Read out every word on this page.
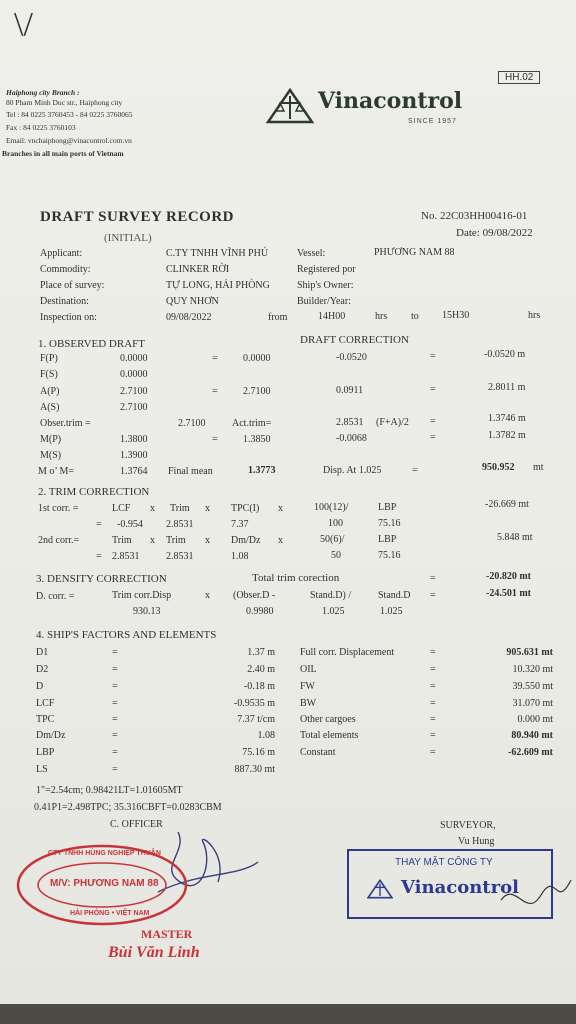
\/
HH.02
Haiphong city Branch :
80 Pham Minh Duc str., Haiphong city
Tel : 84 0225 3760453 - 84 0225 3760065
Fax : 84 0225 3760103
Email: vnchaiphong@vinacontrol.com.vn
Branches in all main ports of Vietnam
Vinacontrol
SINCE 1957
DRAFT SURVEY RECORD
(INITIAL)
No. 22C03HH00416-01
Date: 09/08/2022
Applicant:	C.TY TNHH VĨNH PHÚ	Vessel:	PHƯƠNG NAM 88
Commodity:	CLINKER RỜI	Registered por
Place of survey:	TỰ LONG, HẢI PHÒNG	Ship's Owner:
Destination:	QUY NHƠN	Builder/Year:
Inspection on:	09/08/2022	from	14H00	hrs to 15H30	hrs
1. OBSERVED DRAFT	DRAFT CORRECTION
F(P)	0.0000	=	0.0000	-0.0520	=	-0.0520 m
F(S)	0.0000
A(P)	2.7100	=	2.7100	0.0911	=	2.8011 m
A(S)	2.7100
Obser.trim =	2.7100	Act.trim=	2.8531 (F+A)/2 =	1.3746 m
M(P)	1.3800	=	1.3850	-0.0068	=	1.3782 m
M(S)	1.3900
M o’ M=	1.3764 Final mean	1.3773	Disp. At 1.025	=	950.952 mt
2. TRIM CORRECTION
1st corr. =	LCF x Trim x TPC(I) x	100(12)/	LBP	-26.669 mt
= -0.954 2.8531	7.37	100	75.16
2nd corr.=	Trim x Trim x Dm/Dz x	50(6)/	LBP	5.848 mt
= 2.8531	2.8531	1.08	50	75.16
Total trim corection	=	-20.820 mt
3. DENSITY CORRECTION
D. corr. =	Trim corr.Disp	x (Obser.D -	Stand.D) /	Stand.D =	-24.501 mt
930.13	0.9980	1.025	1.025
4. SHIP'S FACTORS AND ELEMENTS
D1	=	1.37 m	Full corr. Displacement	=	905.631 mt
D2	=	2.40 m	OIL	=	10.320 mt
D	=	-0.18 m	FW	=	39.550 mt
LCF	=	-0.9535 m	BW	=	31.070 mt
TPC	=	7.37 t/cm	Other cargoes	=	0.000 mt
Dm/Dz	=	1.08	Total elements	=	80.940 mt
LBP	=	75.16 m	Constant	=	-62.609 mt
LS	=	887.30 mt
1"=2.54cm; 0.98421LT=1.01605MT
0.41P1=2.498TPC; 35.316CBFT=0.0283CBM
C. OFFICER	SURVEYOR,
Vu Hung
CTY TNHH HÙNG NGHIỆP THUẬN
M/V: PHƯƠNG NAM 88
HẢI PHÒNG • VIỆT NAM
THAY MẶT CÔNG TY
Vinacontrol
MASTER
Bùi Văn Linh
